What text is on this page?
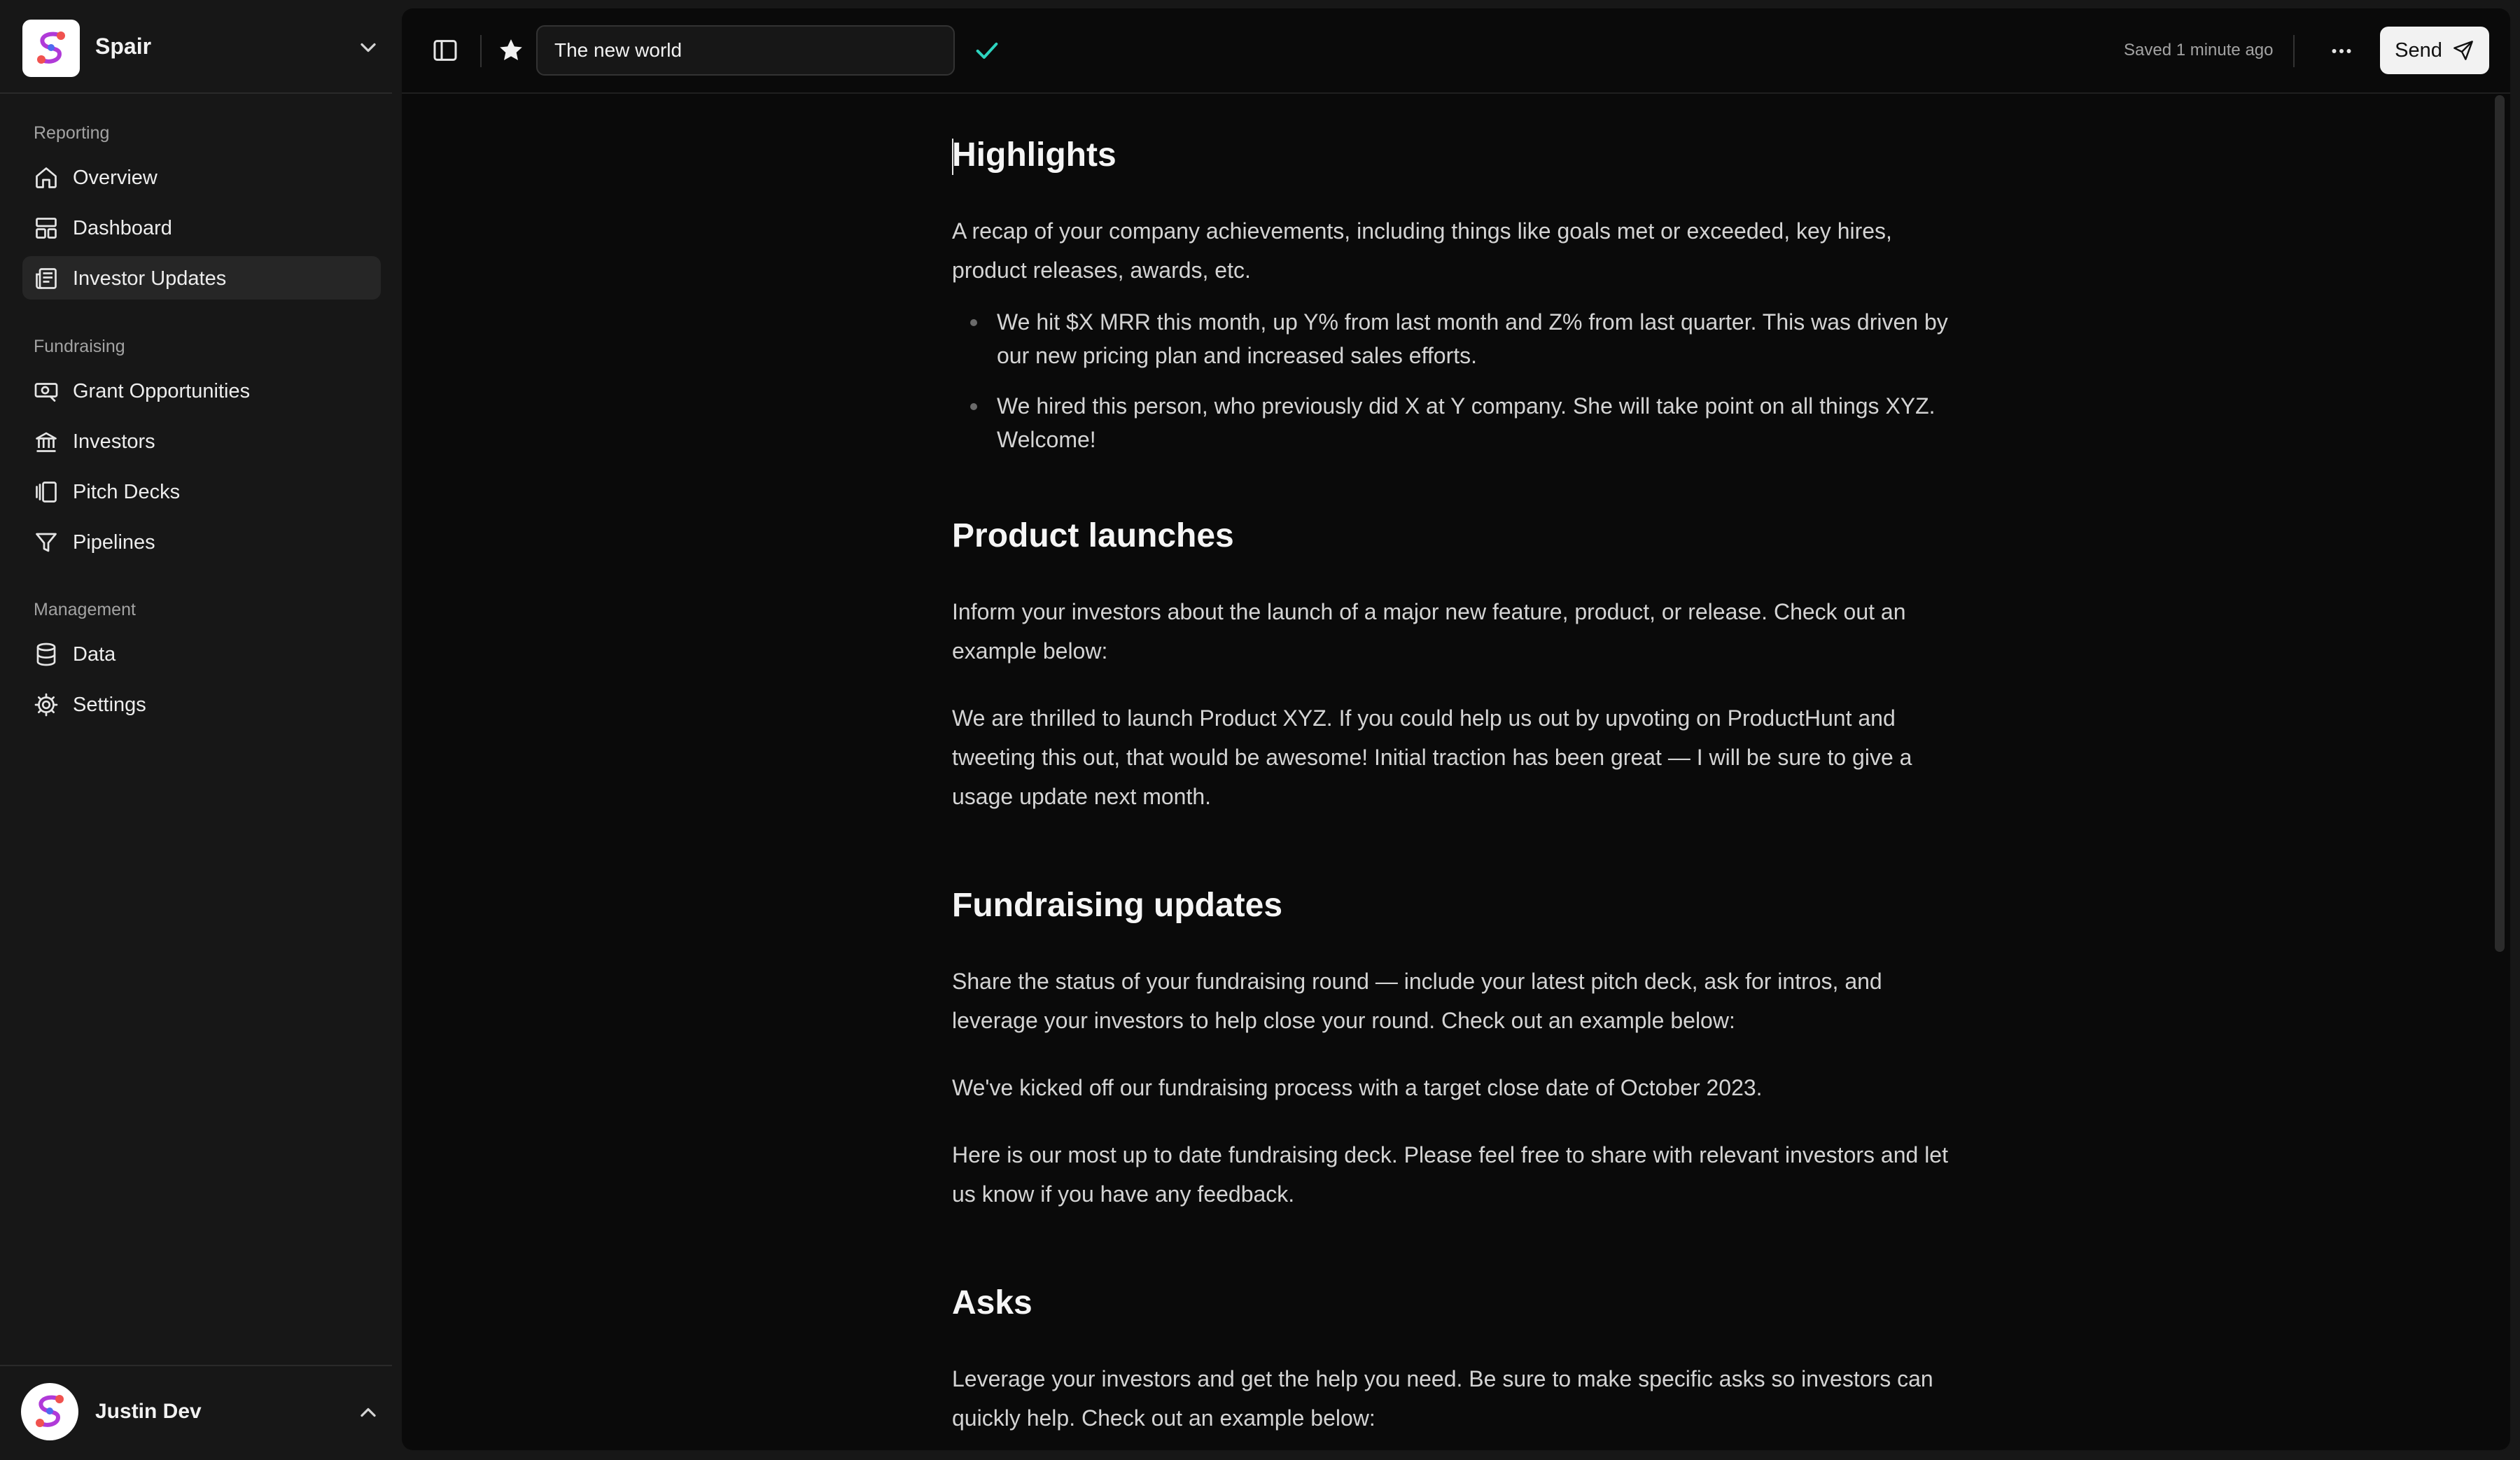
Spair
Reporting
Overview
Dashboard
Investor Updates
Fundraising
Grant Opportunities
Investors
Pitch Decks
Pipelines
Management
Data
Settings
Justin Dev
The new world
Saved 1 minute ago	Send
Highlights

A recap of your company achievements, including things like goals met or exceeded, key hires, product releases, awards, etc.

We hit $X MRR this month, up Y% from last month and Z% from last quarter. This was driven by our new pricing plan and increased sales efforts.
We hired this person, who previously did X at Y company. She will take point on all things XYZ. Welcome!
Product launches

Inform your investors about the launch of a major new feature, product, or release. Check out an example below:

We are thrilled to launch Product XYZ. If you could help us out by upvoting on ProductHunt and tweeting this out, that would be awesome! Initial traction has been great — I will be sure to give a usage update next month.

Fundraising updates

Share the status of your fundraising round — include your latest pitch deck, ask for intros, and leverage your investors to help close your round. Check out an example below:

We've kicked off our fundraising process with a target close date of October 2023.

Here is our most up to date fundraising deck. Please feel free to share with relevant investors and let us know if you have any feedback.

Asks

Leverage your investors and get the help you need. Be sure to make specific asks so investors can quickly help. Check out an example below:
